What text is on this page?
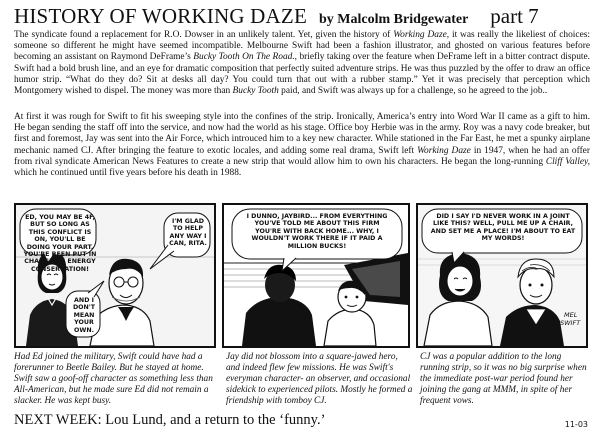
HISTORY OF WORKING DAZE by Malcolm Bridgewater part 7
The syndicate found a replacement for R.O. Dowser in an unlikely talent. Yet, given the history of Working Daze, it was really the likeliest of choices: someone so different he might have seemed incompatible. Melbourne Swift had been a fashion illustrator, and ghosted on various features before becoming an assistant on Raymond DeFrame’s Bucky Tooth On The Road., briefly taking over the feature when DeFrame left in a bitter contract dispute. Swift had a bold brush line, and an eye for dramatic composition that perfectly suited adventure strips. He was thus puzzled by the offer to draw an office humor strip. “What do they do? Sit at desks all day? You could turn that out with a rubber stamp.” Yet it was precisely that perception which Montgomery wished to dispel. The money was more than Bucky Tooth paid, and Swift was always up for a challenge, so he agreed to the job..
At first it was rough for Swift to fit his sweeping style into the confines of the strip. Ironically, America’s entry into Word War II came as a gift to him. He began sending the staff off into the service, and now had the world as his stage. Office boy Herbie was in the army. Roy was a navy code breaker, but first and foremost, Jay was sent into the Air Force, which introuced him to a key new character. While stationed in the Far East, he met a spunky airplane mechanic named CJ. After bringing the feature to exotic locales, and adding some real drama, Swift left Working Daze in 1947, when he had an offer from rival syndicate American News Features to create a new strip that would allow him to own his characters. He began the long-running Cliff Valley, which he continued until five years before his death in 1988.
ED, YOU MAY BE 4F, BUT SO LONG AS THIS CONFLICT IS ON, YOU'LL BE DOING YOUR PART. YOU'RE BEEN PUT IN CHARGE OF ENERGY CONSERVATION!
I'M GLAD TO HELP ANY WAY I CAN, RITA.
AND I DON'T MEAN YOUR OWN.
I DUNNO, JAYBIRD... FROM EVERYTHING YOU'VE TOLD ME ABOUT THIS FIRM YOU'RE WITH BACK HOME... WHY, I WOULDN'T WORK THERE IF IT PAID A MILLION BUCKS!
MEL
SWIFT
DID I SAY I'D NEVER WORK IN A JOINT LIKE THIS? WELL, PULL ME UP A CHAIR, AND SET ME A PLACE! I'M ABOUT TO EAT MY WORDS!
Had Ed joined the military, Swift could have had a forerunner to Beetle Bailey. But he stayed at home. Swift saw a goof-off character as something less than All-American, but he made sure Ed did not remain a slacker. He was kept busy.
Jay did not blossom into a square-jawed hero, and indeed flew few missions. He was Swift's everyman character- an observer, and occasional sidekick to experienced pilots. Mostly he formed a friendship with tomboy CJ.
CJ was a popular addition to the long running strip, so it was no big surprise when the immediate post-war period found her joining the gang at MMM, in spite of her frequent vows.
NEXT WEEK: Lou Lund, and a return to the ‘funny.’	11-03
